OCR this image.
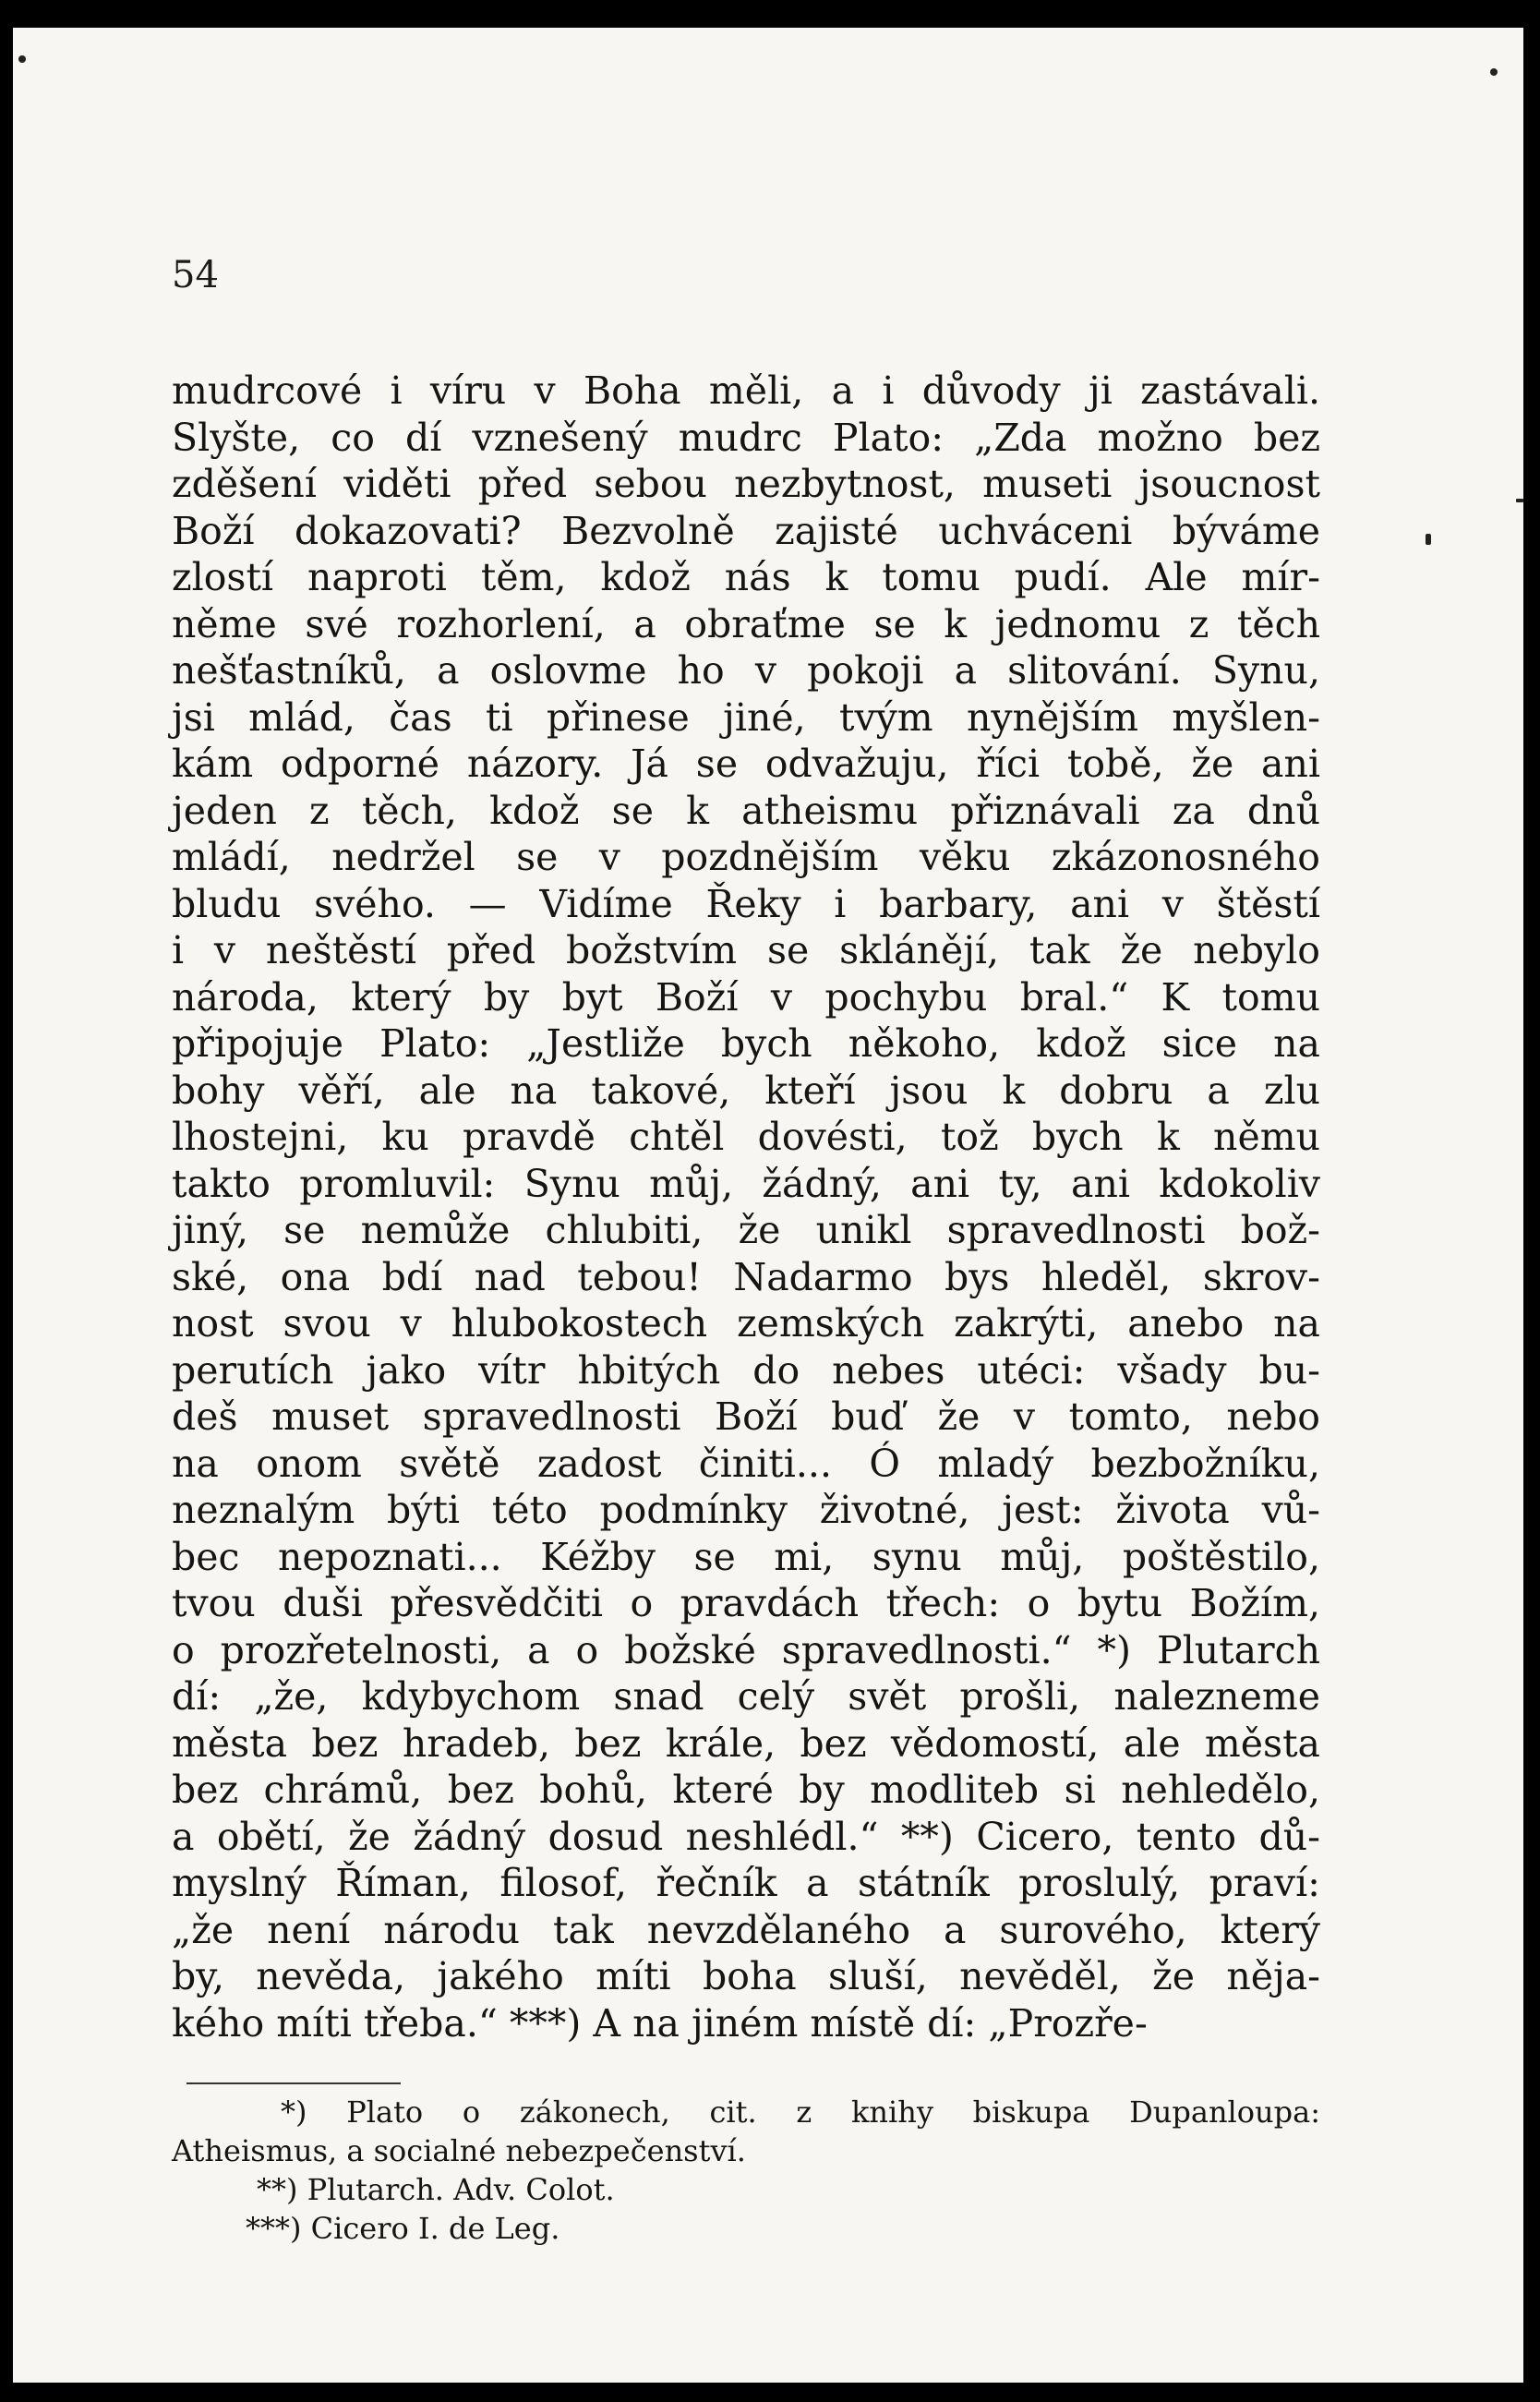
54

mudrcové i víru v Boha měli, a i důvody ji zastávali.
Slyšte, co dí vznešený mudrc Plato: „Zda možno bez
zděšení viděti před sebou nezbytnost, museti jsoucnost
Boží dokazovati? Bezvolně zajisté uchváceni býváme
zlostí naproti těm, kdož nás k tomu pudí. Ale mír-
něme své rozhorlení, a obraťme se k jednomu z těch
nešťastníků, a oslovme ho v pokoji a slitování. Synu,
jsi mlád, čas ti přinese jiné, tvým nynějším myšlen-
kám odporné názory. Já se odvažuju, říci tobě, že ani
jeden z těch, kdož se k atheismu přiznávali za dnů
mládí, nedržel se v pozdnějším věku zkázonosného
bludu svého. — Vidíme Řeky i barbary, ani v štěstí
i v neštěstí před božstvím se sklánějí, tak že nebylo
národa, který by byt Boží v pochybu bral.“ K tomu
připojuje Plato: „Jestliže bych někoho, kdož sice na
bohy věří, ale na takové, kteří jsou k dobru a zlu
lhostejni, ku pravdě chtěl dovésti, tož bych k němu
takto promluvil: Synu můj, žádný, ani ty, ani kdokoliv
jiný, se nemůže chlubiti, že unikl spravedlnosti bož-
ské, ona bdí nad tebou! Nadarmo bys hleděl, skrov-
nost svou v hlubokostech zemských zakrýti, anebo na
perutích jako vítr hbitých do nebes utéci: všady bu-
deš muset spravedlnosti Boží buď že v tomto, nebo
na onom světě zadost činiti... Ó mladý bezbožníku,
neznalým býti této podmínky životné, jest: života vů-
bec nepoznati... Kéžby se mi, synu můj, poštěstilo,
tvou duši přesvědčiti o pravdách třech: o bytu Božím,
o prozřetelnosti, a o božské spravedlnosti.“ *) Plutarch
dí: „že, kdybychom snad celý svět prošli, nalezneme
města bez hradeb, bez krále, bez vědomostí, ale města
bez chrámů, bez bohů, které by modliteb si nehledělo,
a obětí, že žádný dosud neshlédl.“ **) Cicero, tento dů-
myslný Říman, filosof, řečník a státník proslulý, praví:
„že není národu tak nevzdělaného a surového, který
by, nevěda, jakého míti boha sluší, nevěděl, že něja-
kého míti třeba.“ ***) A na jiném místě dí: „Prozře-
*) Plato o zákonech, cit. z knihy biskupa Dupanloupa:
Atheismus, a socialné nebezpečenství.
**) Plutarch. Adv. Colot.
***) Cicero I. de Leg.
